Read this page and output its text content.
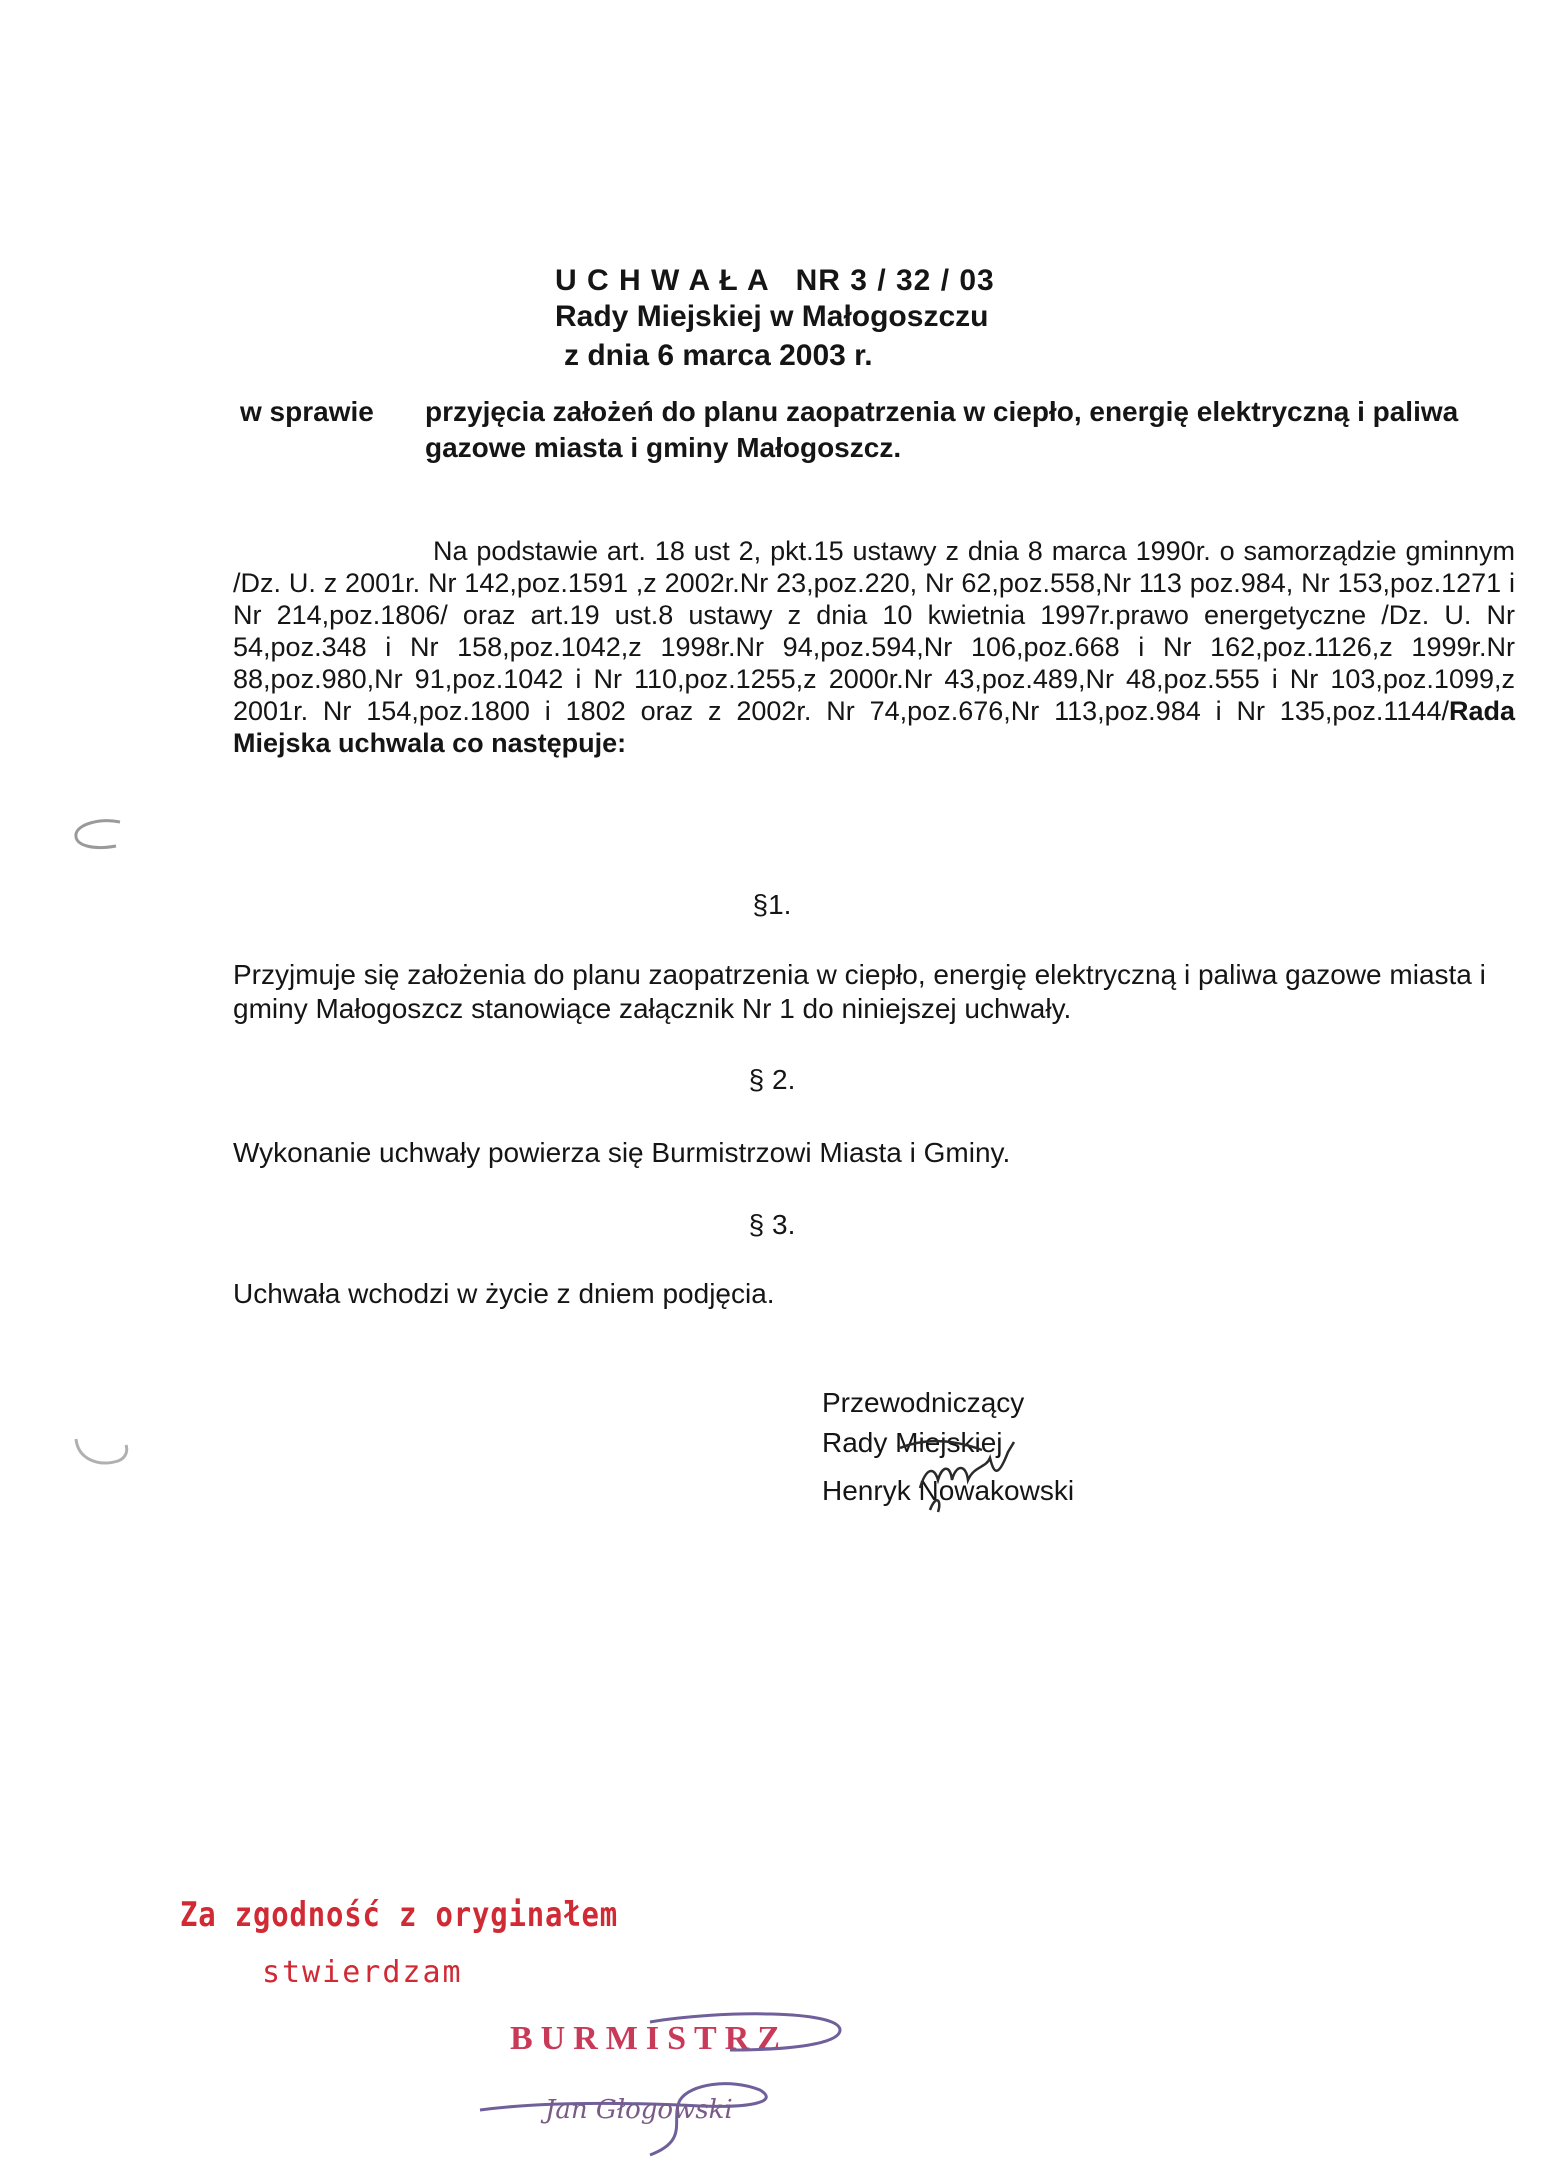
U C H W A Ł A NR 3 / 32 / 03
Rady Miejskiej w Małogoszczu
z dnia 6 marca 2003 r.
w sprawie przyjęcia założeń do planu zaopatrzenia w ciepło, energię elektryczną i paliwa gazowe miasta i gminy Małogoszcz.
Na podstawie art. 18 ust 2, pkt.15 ustawy z dnia 8 marca 1990r. o samorządzie gminnym /Dz. U. z 2001r. Nr 142,poz.1591 ,z 2002r.Nr 23,poz.220, Nr 62,poz.558,Nr 113 poz.984, Nr 153,poz.1271 i Nr 214,poz.1806/ oraz art.19 ust.8 ustawy z dnia 10 kwietnia 1997r.prawo energetyczne /Dz. U. Nr 54,poz.348 i Nr 158,poz.1042,z 1998r.Nr 94,poz.594,Nr 106,poz.668 i Nr 162,poz.1126,z 1999r.Nr 88,poz.980,Nr 91,poz.1042 i Nr 110,poz.1255,z 2000r.Nr 43,poz.489,Nr 48,poz.555 i Nr 103,poz.1099,z 2001r. Nr 154,poz.1800 i 1802 oraz z 2002r. Nr 74,poz.676,Nr 113,poz.984 i Nr 135,poz.1144/Rada Miejska uchwala co następuje:
§1.
Przyjmuje się założenia do planu zaopatrzenia w ciepło, energię elektryczną i paliwa gazowe miasta i gminy Małogoszcz stanowiące załącznik Nr 1 do niniejszej uchwały.
§ 2.
Wykonanie uchwały powierza się Burmistrzowi Miasta i Gminy.
§ 3.
Uchwała wchodzi w życie z dniem podjęcia.
Przewodniczący
Rady Miejskiej
Henryk Nowakowski
Za zgodność z oryginałem
stwierdzam
BURMISTRZ
Jan Głogowski
